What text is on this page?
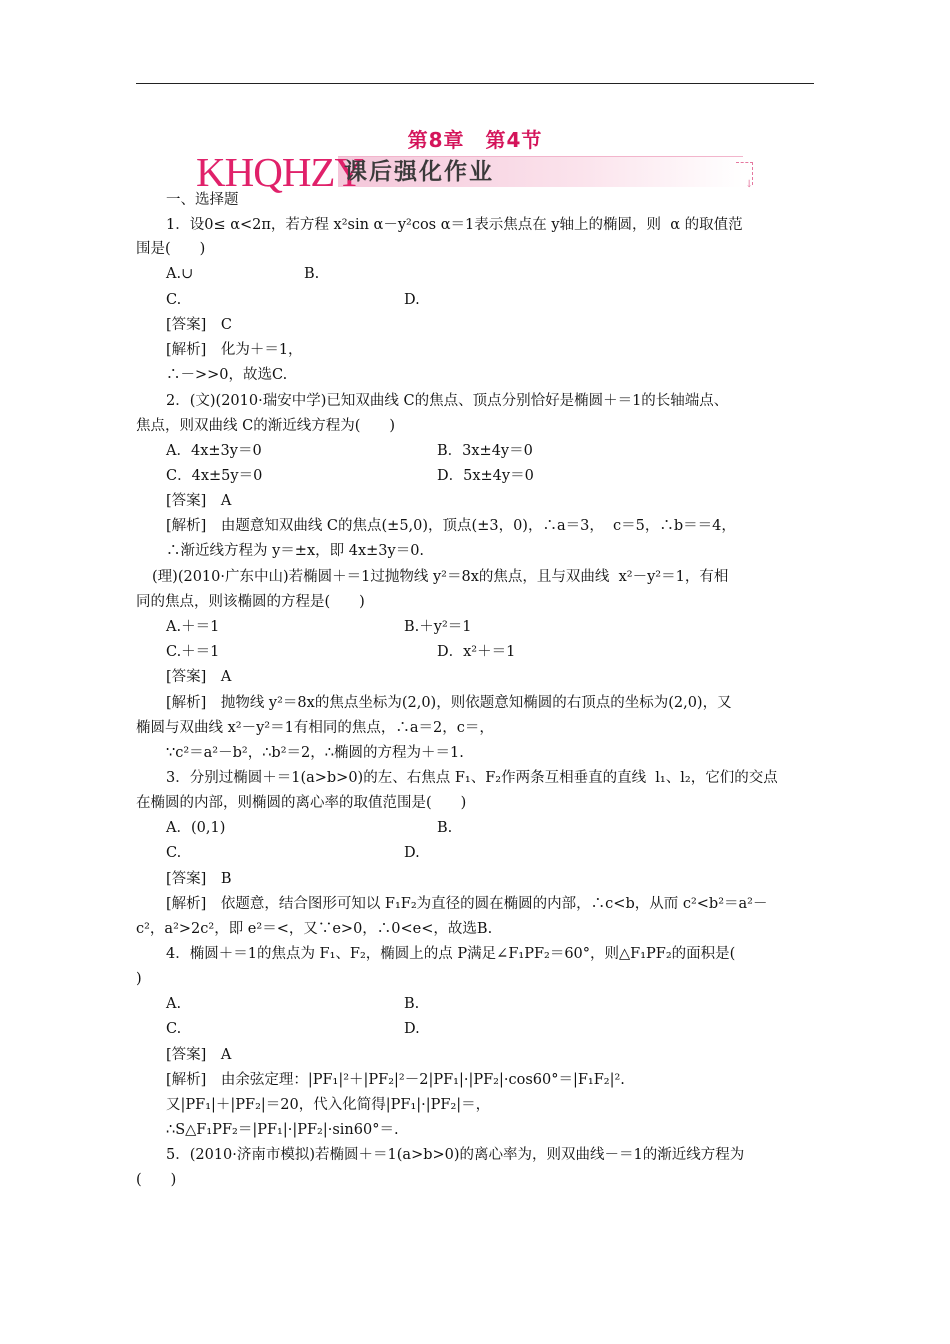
第8章　第4节
KHQHZY
课后强化作业	↓
一、选择题
1．设0≤ α<2π，若方程 x²sin α－y²cos α＝1表示焦点在 y轴上的椭圆，则  α 的取值范
围是(　　)
A.∪	B.
C.	D.
[答案]　C
[解析]　化为＋＝1，
∴－>>0，故选C.
2．(文)(2010·瑞安中学)已知双曲线 C的焦点、顶点分别恰好是椭圆＋＝1的长轴端点、
焦点，则双曲线 C的渐近线方程为(　　)
A．4x±3y＝0	B．3x±4y＝0
C．4x±5y＝0	D．5x±4y＝0
[答案]　A
[解析]　由题意知双曲线 C的焦点(±5,0)，顶点(±3，0)，∴a＝3，  c＝5，∴b＝＝4，
∴渐近线方程为 y＝±x，即 4x±3y＝0.
(理)(2010·广东中山)若椭圆＋＝1过抛物线 y²＝8x的焦点，且与双曲线  x²－y²＝1，有相
同的焦点，则该椭圆的方程是(　　)
A.＋＝1	B.＋y²＝1
C.＋＝1	D．x²＋＝1
[答案]　A
[解析]　抛物线 y²＝8x的焦点坐标为(2,0)，则依题意知椭圆的右顶点的坐标为(2,0)，又
椭圆与双曲线 x²－y²＝1有相同的焦点，∴a＝2，c＝，
∵c²＝a²－b²，∴b²＝2，∴椭圆的方程为＋＝1.
3．分别过椭圆＋＝1(a>b>0)的左、右焦点 F₁、F₂作两条互相垂直的直线  l₁、l₂，它们的交点
在椭圆的内部，则椭圆的离心率的取值范围是(　　)
A．(0,1)	B.
C.	D.
[答案]　B
[解析]　依题意，结合图形可知以 F₁F₂为直径的圆在椭圆的内部，∴c<b，从而 c²<b²＝a²－
c²，a²>2c²，即 e²＝<，又∵e>0，∴0<e<，故选B.
4．椭圆＋＝1的焦点为 F₁、F₂，椭圆上的点 P满足∠F₁PF₂＝60°，则△F₁PF₂的面积是(
)
A.	B.
C.	D.
[答案]　A
[解析]　由余弦定理：|PF₁|²＋|PF₂|²－2|PF₁|·|PF₂|·cos60°＝|F₁F₂|².
又|PF₁|＋|PF₂|＝20，代入化简得|PF₁|·|PF₂|＝，
∴S△F₁PF₂＝|PF₁|·|PF₂|·sin60°＝.
5．(2010·济南市模拟)若椭圆＋＝1(a>b>0)的离心率为，则双曲线－＝1的渐近线方程为
(　　)
